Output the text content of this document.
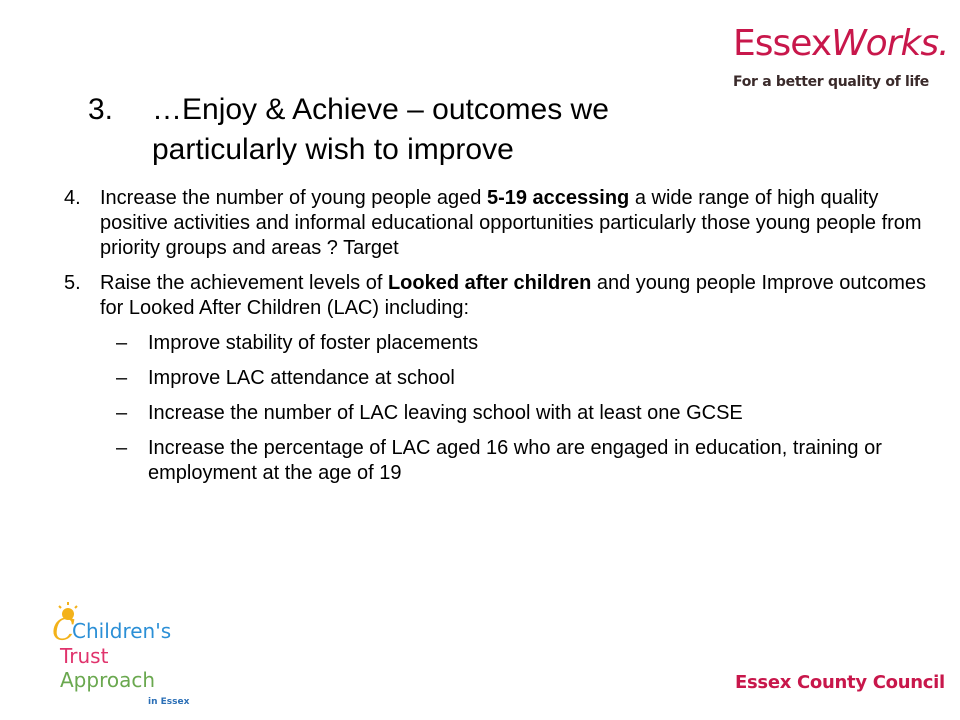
EssexWorks.
For a better quality of life
3. …Enjoy & Achieve – outcomes we particularly wish to improve
4. Increase the number of young people aged 5-19 accessing a wide range of high quality positive activities and informal educational opportunities particularly those young people from priority groups and areas ? Target
5. Raise the achievement levels of Looked after children and young people Improve outcomes for Looked After Children (LAC) including:
– Improve stability of foster placements
– Improve LAC attendance at school
– Increase the number of LAC leaving school with at least one GCSE
– Increase the percentage of LAC aged 16 who are engaged in education, training or employment at the age of 19
C
Children's
Trust
Approach
in Essex
Essex County Council
